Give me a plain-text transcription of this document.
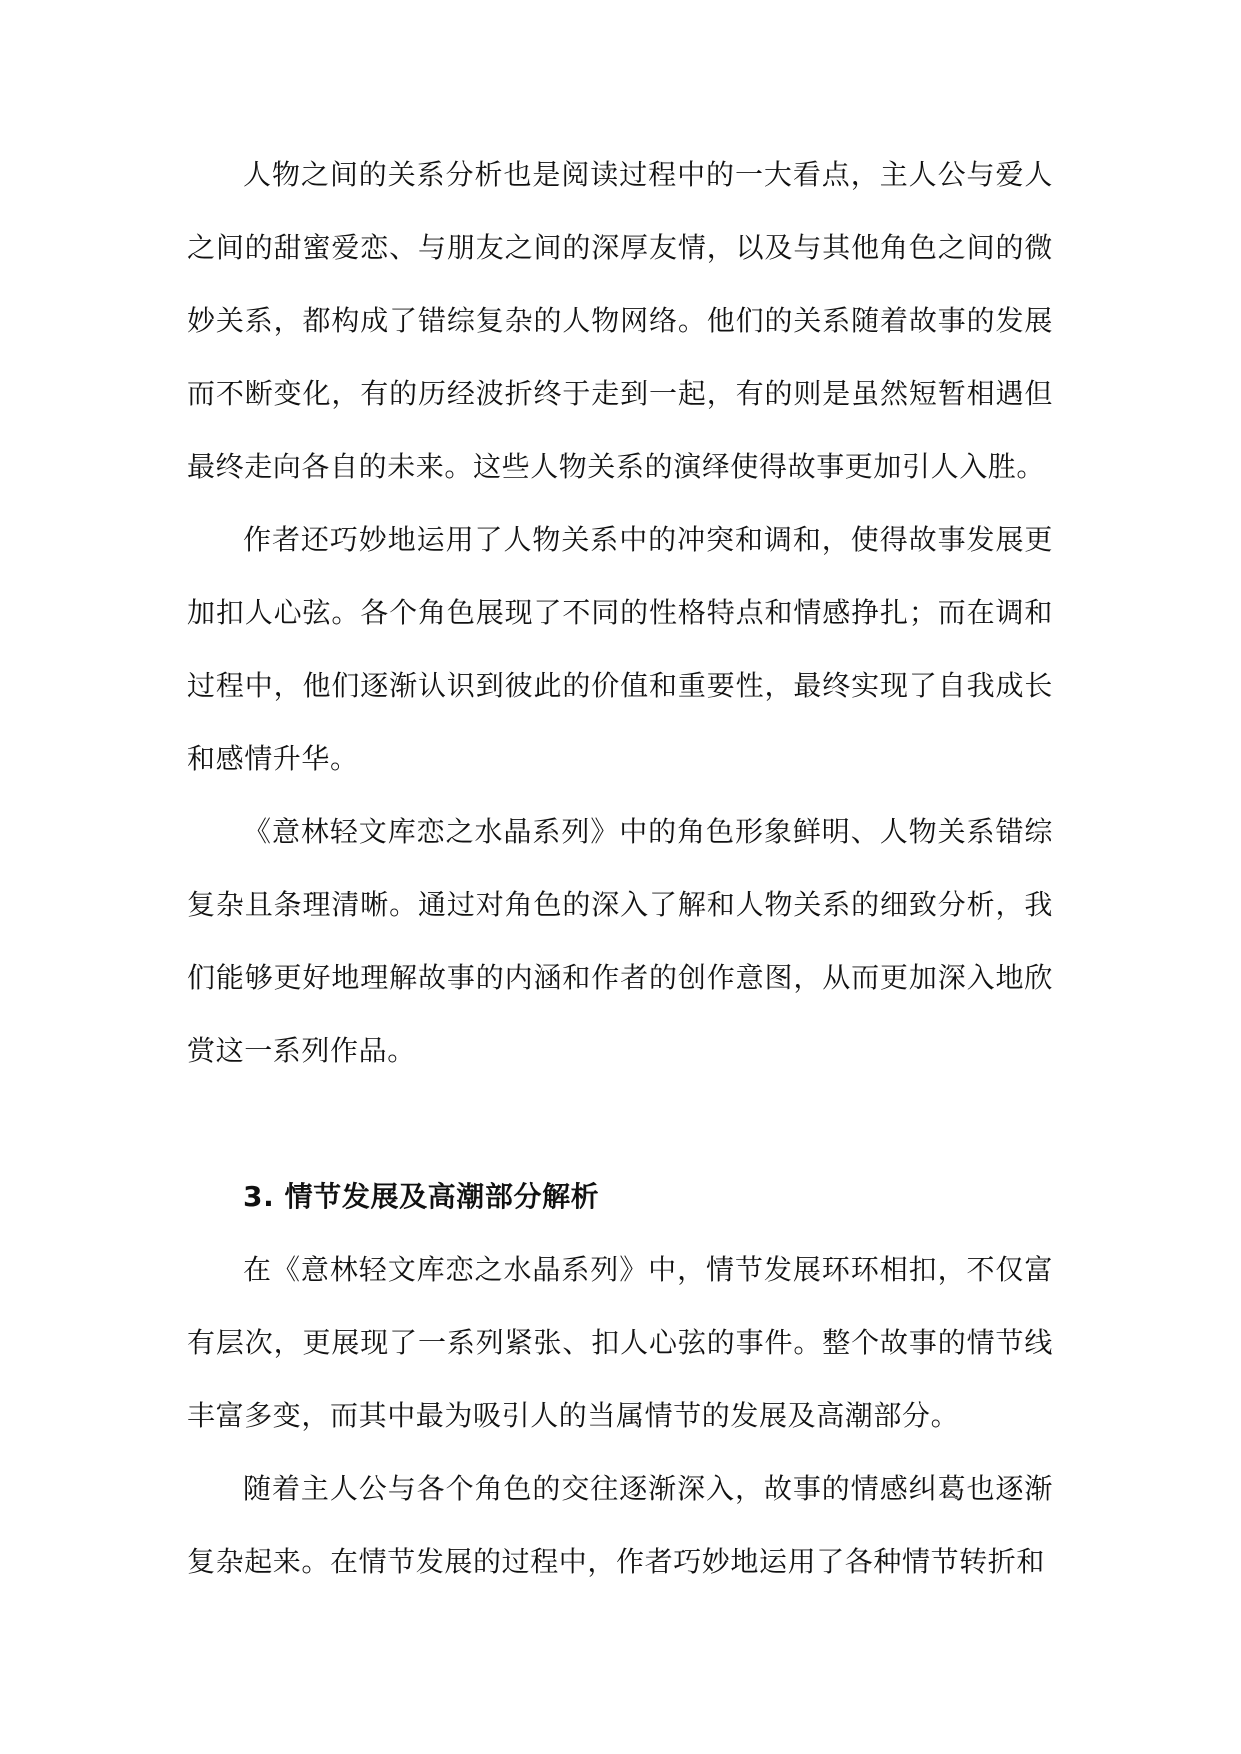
人物之间的关系分析也是阅读过程中的一大看点，主人公与爱人之间的甜蜜爱恋、与朋友之间的深厚友情，以及与其他角色之间的微妙关系，都构成了错综复杂的人物网络。他们的关系随着故事的发展而不断变化，有的历经波折终于走到一起，有的则是虽然短暂相遇但最终走向各自的未来。这些人物关系的演绎使得故事更加引人入胜。

作者还巧妙地运用了人物关系中的冲突和调和，使得故事发展更加扣人心弦。各个角色展现了不同的性格特点和情感挣扎；而在调和过程中，他们逐渐认识到彼此的价值和重要性，最终实现了自我成长和感情升华。

《意林轻文库恋之水晶系列》中的角色形象鲜明、人物关系错综复杂且条理清晰。通过对角色的深入了解和人物关系的细致分析，我们能够更好地理解故事的内涵和作者的创作意图，从而更加深入地欣赏这一系列作品。

3. 情节发展及高潮部分解析

在《意林轻文库恋之水晶系列》中，情节发展环环相扣，不仅富有层次，更展现了一系列紧张、扣人心弦的事件。整个故事的情节线丰富多变，而其中最为吸引人的当属情节的发展及高潮部分。

随着主人公与各个角色的交往逐渐深入，故事的情感纠葛也逐渐复杂起来。在情节发展的过程中，作者巧妙地运用了各种情节转折和
